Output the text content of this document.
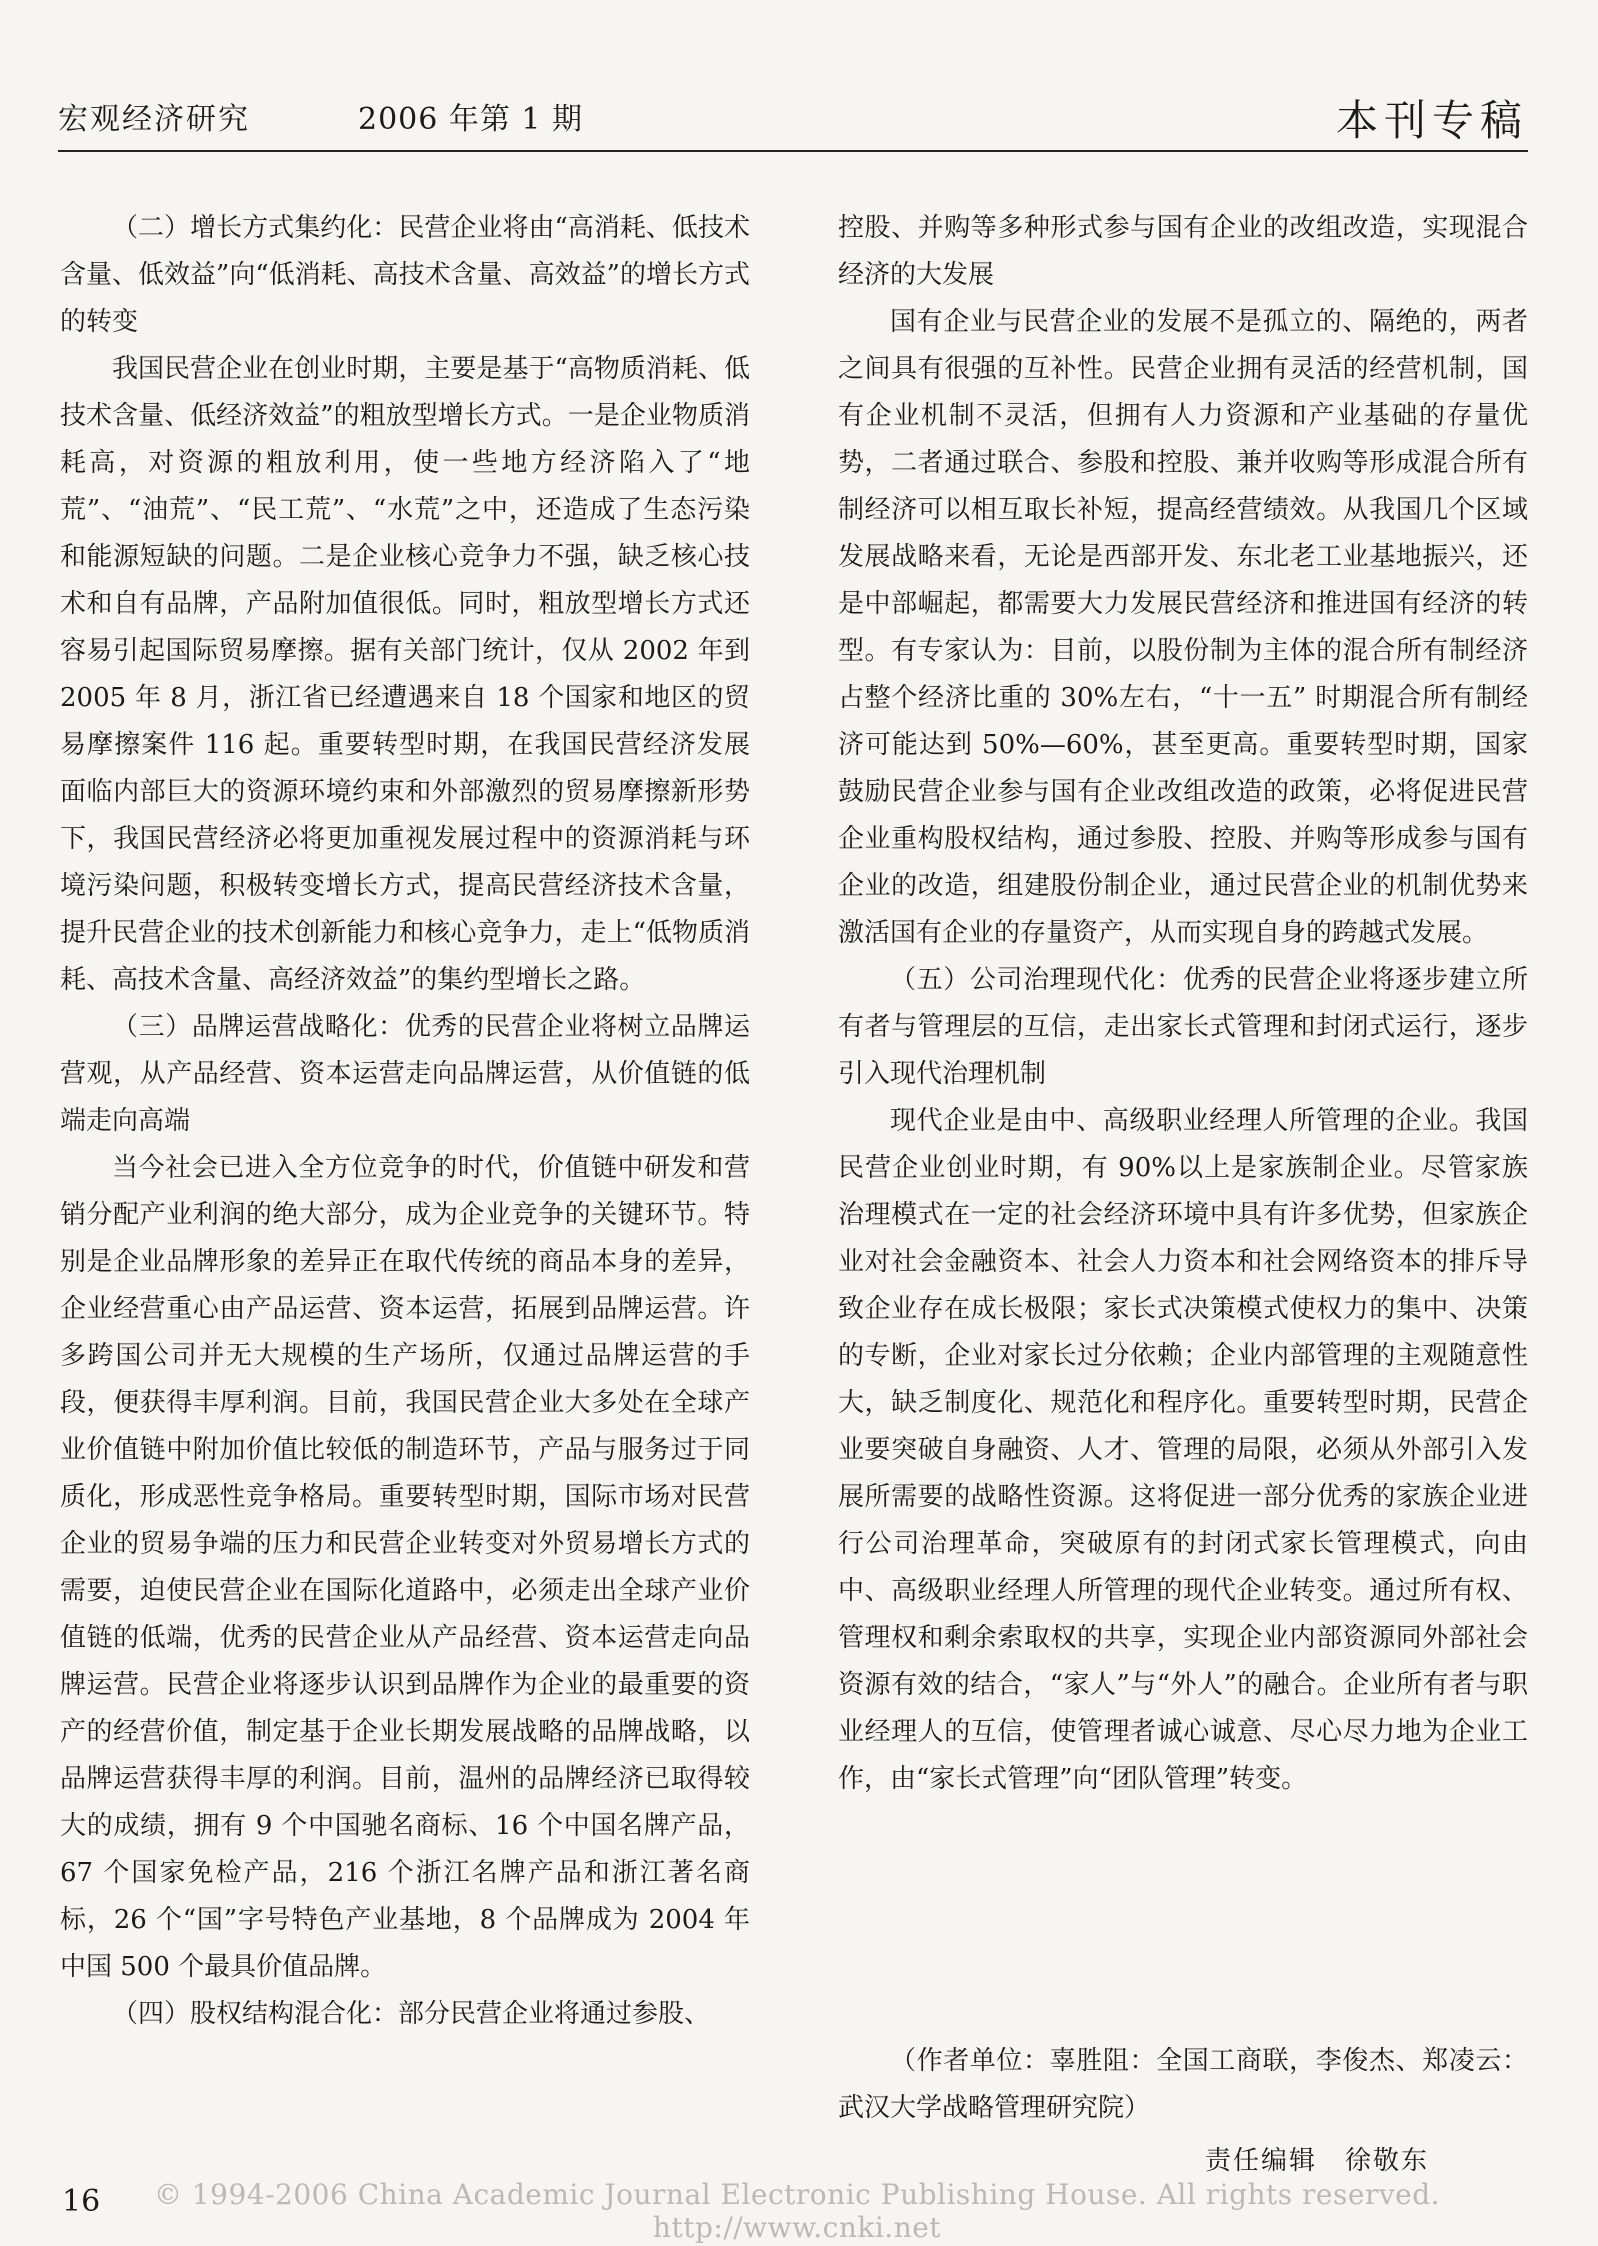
宏观经济研究	2006 年第 1 期	本刊专稿

（二）增长方式集约化：民营企业将由“高消耗、低技术含量、低效益”向“低消耗、高技术含量、高效益”的增长方式的转变

我国民营企业在创业时期，主要是基于“高物质消耗、低技术含量、低经济效益”的粗放型增长方式。一是企业物质消耗高，对资源的粗放利用，使一些地方经济陷入了“地荒”、“油荒”、“民工荒”、“水荒”之中，还造成了生态污染和能源短缺的问题。二是企业核心竞争力不强，缺乏核心技术和自有品牌，产品附加值很低。同时，粗放型增长方式还容易引起国际贸易摩擦。据有关部门统计，仅从 2002 年到 2005 年 8 月，浙江省已经遭遇来自 18 个国家和地区的贸易摩擦案件 116 起。重要转型时期，在我国民营经济发展面临内部巨大的资源环境约束和外部激烈的贸易摩擦新形势下，我国民营经济必将更加重视发展过程中的资源消耗与环境污染问题，积极转变增长方式，提高民营经济技术含量，提升民营企业的技术创新能力和核心竞争力，走上“低物质消耗、高技术含量、高经济效益”的集约型增长之路。

（三）品牌运营战略化：优秀的民营企业将树立品牌运营观，从产品经营、资本运营走向品牌运营，从价值链的低端走向高端

当今社会已进入全方位竞争的时代，价值链中研发和营销分配产业利润的绝大部分，成为企业竞争的关键环节。特别是企业品牌形象的差异正在取代传统的商品本身的差异，企业经营重心由产品运营、资本运营，拓展到品牌运营。许多跨国公司并无大规模的生产场所，仅通过品牌运营的手段，便获得丰厚利润。目前，我国民营企业大多处在全球产业价值链中附加价值比较低的制造环节，产品与服务过于同质化，形成恶性竞争格局。重要转型时期，国际市场对民营企业的贸易争端的压力和民营企业转变对外贸易增长方式的需要，迫使民营企业在国际化道路中，必须走出全球产业价值链的低端，优秀的民营企业从产品经营、资本运营走向品牌运营。民营企业将逐步认识到品牌作为企业的最重要的资产的经营价值，制定基于企业长期发展战略的品牌战略，以品牌运营获得丰厚的利润。目前，温州的品牌经济已取得较大的成绩，拥有 9 个中国驰名商标、16 个中国名牌产品，67 个国家免检产品，216 个浙江名牌产品和浙江著名商标，26 个“国”字号特色产业基地，8 个品牌成为 2004 年中国 500 个最具价值品牌。

（四）股权结构混合化：部分民营企业将通过参股、

控股、并购等多种形式参与国有企业的改组改造，实现混合经济的大发展

国有企业与民营企业的发展不是孤立的、隔绝的，两者之间具有很强的互补性。民营企业拥有灵活的经营机制，国有企业机制不灵活，但拥有人力资源和产业基础的存量优势，二者通过联合、参股和控股、兼并收购等形成混合所有制经济可以相互取长补短，提高经营绩效。从我国几个区域发展战略来看，无论是西部开发、东北老工业基地振兴，还是中部崛起，都需要大力发展民营经济和推进国有经济的转型。有专家认为：目前，以股份制为主体的混合所有制经济占整个经济比重的 30%左右，“十一五” 时期混合所有制经济可能达到 50%—60%，甚至更高。重要转型时期，国家鼓励民营企业参与国有企业改组改造的政策，必将促进民营企业重构股权结构，通过参股、控股、并购等形成参与国有企业的改造，组建股份制企业，通过民营企业的机制优势来激活国有企业的存量资产，从而实现自身的跨越式发展。

（五）公司治理现代化：优秀的民营企业将逐步建立所有者与管理层的互信，走出家长式管理和封闭式运行，逐步引入现代治理机制

现代企业是由中、高级职业经理人所管理的企业。我国民营企业创业时期，有 90%以上是家族制企业。尽管家族治理模式在一定的社会经济环境中具有许多优势，但家族企业对社会金融资本、社会人力资本和社会网络资本的排斥导致企业存在成长极限；家长式决策模式使权力的集中、决策的专断，企业对家长过分依赖；企业内部管理的主观随意性大，缺乏制度化、规范化和程序化。重要转型时期，民营企业要突破自身融资、人才、管理的局限，必须从外部引入发展所需要的战略性资源。这将促进一部分优秀的家族企业进行公司治理革命，突破原有的封闭式家长管理模式，向由中、高级职业经理人所管理的现代企业转变。通过所有权、管理权和剩余索取权的共享，实现企业内部资源同外部社会资源有效的结合，“家人”与“外人”的融合。企业所有者与职业经理人的互信，使管理者诚心诚意、尽心尽力地为企业工作，由“家长式管理”向“团队管理”转变。

（作者单位：辜胜阻：全国工商联，李俊杰、郑凌云：武汉大学战略管理研究院）

责任编辑　徐敬东
© 1994-2006 China Academic Journal Electronic Publishing House. All rights reserved. http://www.cnki.net
16
